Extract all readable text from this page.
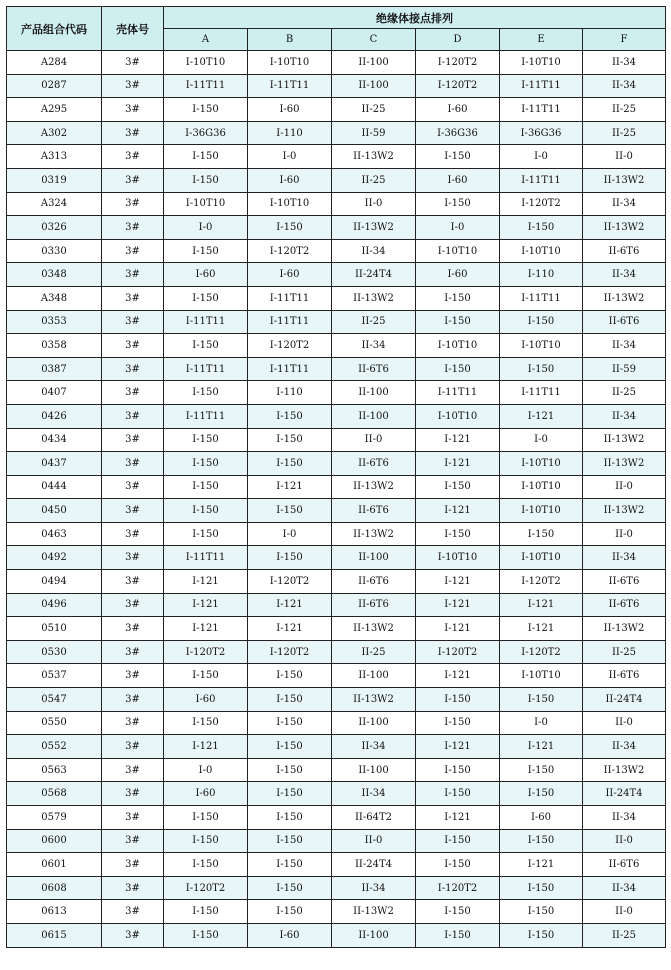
产品组合代码	壳体号	绝缘体接点排列					
		A	B	C	D	E	F
A284	3#	I-10T10	I-10T10	II-100	I-120T2	I-10T10	II-34
0287	3#	I-11T11	I-11T11	II-100	I-120T2	I-11T11	II-34
A295	3#	I-150	I-60	II-25	I-60	I-11T11	II-25
A302	3#	I-36G36	I-110	II-59	I-36G36	I-36G36	II-25
A313	3#	I-150	I-0	II-13W2	I-150	I-0	II-0
0319	3#	I-150	I-60	II-25	I-60	I-11T11	II-13W2
A324	3#	I-10T10	I-10T10	II-0	I-150	I-120T2	II-34
0326	3#	I-0	I-150	II-13W2	I-0	I-150	II-13W2
0330	3#	I-150	I-120T2	II-34	I-10T10	I-10T10	II-6T6
0348	3#	I-60	I-60	II-24T4	I-60	I-110	II-34
A348	3#	I-150	I-11T11	II-13W2	I-150	I-11T11	II-13W2
0353	3#	I-11T11	I-11T11	II-25	I-150	I-150	II-6T6
0358	3#	I-150	I-120T2	II-34	I-10T10	I-10T10	II-34
0387	3#	I-11T11	I-11T11	II-6T6	I-150	I-150	II-59
0407	3#	I-150	I-110	II-100	I-11T11	I-11T11	II-25
0426	3#	I-11T11	I-150	II-100	I-10T10	I-121	II-34
0434	3#	I-150	I-150	II-0	I-121	I-0	II-13W2
0437	3#	I-150	I-150	II-6T6	I-121	I-10T10	II-13W2
0444	3#	I-150	I-121	II-13W2	I-150	I-10T10	II-0
0450	3#	I-150	I-150	II-6T6	I-121	I-10T10	II-13W2
0463	3#	I-150	I-0	II-13W2	I-150	I-150	II-0
0492	3#	I-11T11	I-150	II-100	I-10T10	I-10T10	II-34
0494	3#	I-121	I-120T2	II-6T6	I-121	I-120T2	II-6T6
0496	3#	I-121	I-121	II-6T6	I-121	I-121	II-6T6
0510	3#	I-121	I-121	II-13W2	I-121	I-121	II-13W2
0530	3#	I-120T2	I-120T2	II-25	I-120T2	I-120T2	II-25
0537	3#	I-150	I-150	II-100	I-121	I-10T10	II-6T6
0547	3#	I-60	I-150	II-13W2	I-150	I-150	II-24T4
0550	3#	I-150	I-150	II-100	I-150	I-0	II-0
0552	3#	I-121	I-150	II-34	I-121	I-121	II-34
0563	3#	I-0	I-150	II-100	I-150	I-150	II-13W2
0568	3#	I-60	I-150	II-34	I-150	I-150	II-24T4
0579	3#	I-150	I-150	II-64T2	I-121	I-60	II-34
0600	3#	I-150	I-150	II-0	I-150	I-150	II-0
0601	3#	I-150	I-150	II-24T4	I-150	I-121	II-6T6
0608	3#	I-120T2	I-150	II-34	I-120T2	I-150	II-34
0613	3#	I-150	I-150	II-13W2	I-150	I-150	II-0
0615	3#	I-150	I-60	II-100	I-150	I-150	II-25
